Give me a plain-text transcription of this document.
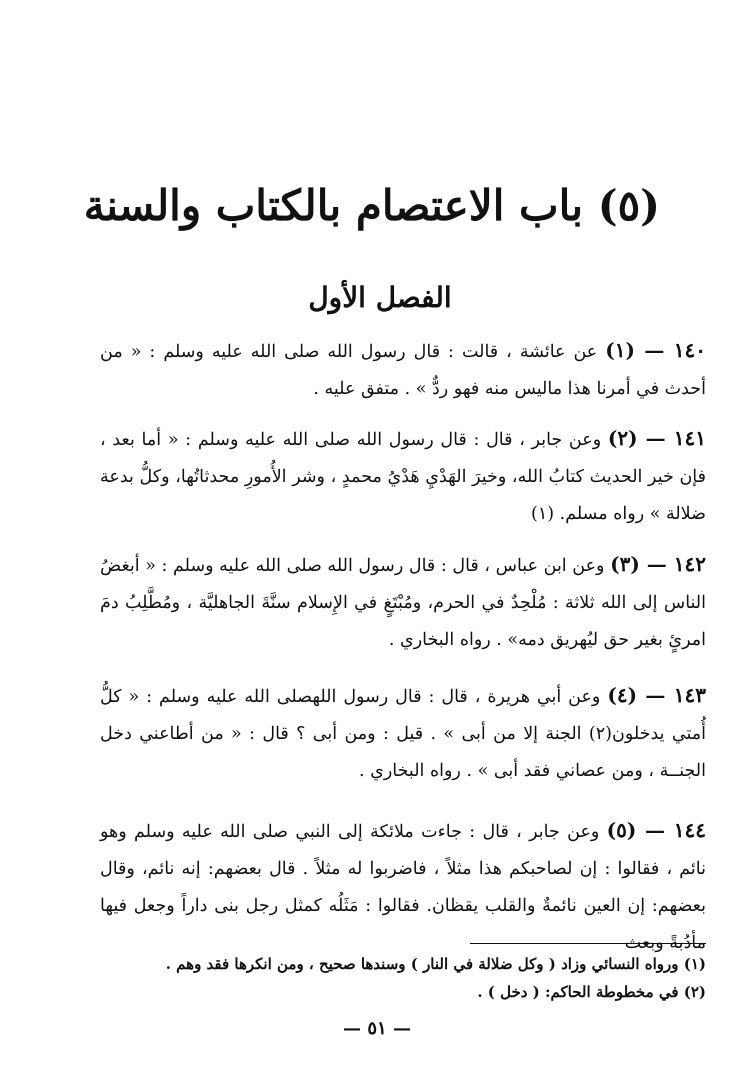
(٥) باب الاعتصام بالكتاب والسنة
الفصل الأول

١٤٠ — (١) عن عائشة ، قالت : قال رسول الله صلى الله عليه وسلم : « من أحدث في أمرنا هذا ماليس منه فهو ردٌّ » . متفق عليه .

١٤١ — (٢) وعن جابر ، قال : قال رسول الله صلى الله عليه وسلم : « أما بعد ، فإن خير الحديث كتابُ الله، وخيرَ الهَدْيِ هَدْيُ محمدٍ ، وشر الأُمورِ محدثاتُها، وكلُّ بدعة ضلالة » رواه مسلم. (١)

١٤٢ — (٣) وعن ابن عباس ، قال : قال رسول الله صلى الله عليه وسلم : « أبغضُ الناس إلى الله ثلاثة : مُلْحِدٌ في الحرم، ومُبْتَغٍ في الإِسلام سنَّةَ الجاهليَّة ، ومُطَّلِبُ دمَ امرئٍ بغير حق ليُهريق دمه» . رواه البخاري .

١٤٣ — (٤) وعن أبي هريرة ، قال : قال رسول اللهصلى الله عليه وسلم : « كلُّ أُمتي يدخلون(٢) الجنة إلا من أبى » . قيل : ومن أبى ؟ قال : « من أطاعني دخل الجنــة ، ومن عصاني فقد أبى » . رواه البخاري .

١٤٤ — (٥) وعن جابر ، قال : جاءت ملائكة إلى النبي صلى الله عليه وسلم وهو نائم ، فقالوا : إن لصاحبكم هذا مثلاً ، فاضربوا له مثلاً . قال بعضهم: إنه نائم، وقال بعضهم: إن العين نائمةٌ والقلب يقظان. فقالوا : مَثَلُه كمثل رجل بنى داراً وجعل فيها مأدُبةً وبعث

(١) ورواه النسائي وزاد ( وكل ضلالة في النار ) وسندها صحيح ، ومن انكرها فقد وهم .

(٢) في مخطوطة الحاكم: ( دخل ) .

— ٥١ —
